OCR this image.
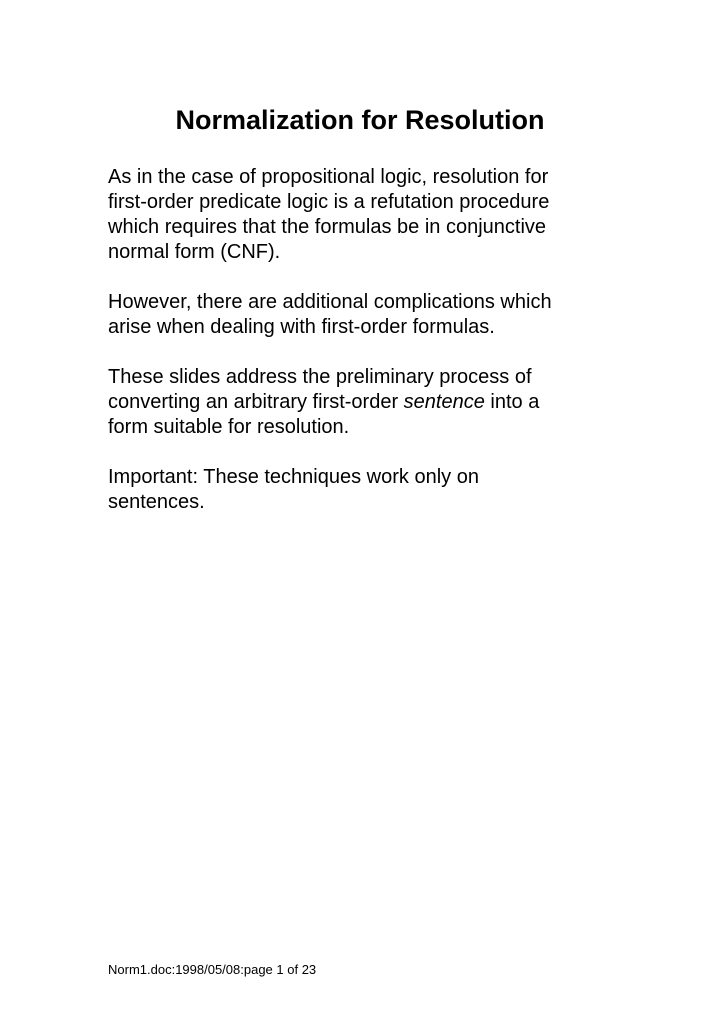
Normalization for Resolution
As in the case of propositional logic, resolution for
first-order predicate logic is a refutation procedure
which requires that the formulas be in conjunctive
normal form (CNF).
However, there are additional complications which
arise when dealing with first-order formulas.
These slides address the preliminary process of
converting an arbitrary first-order sentence into a
form suitable for resolution.
Important: These techniques work only on
sentences.
Norm1.doc:1998/05/08:page 1 of 23
